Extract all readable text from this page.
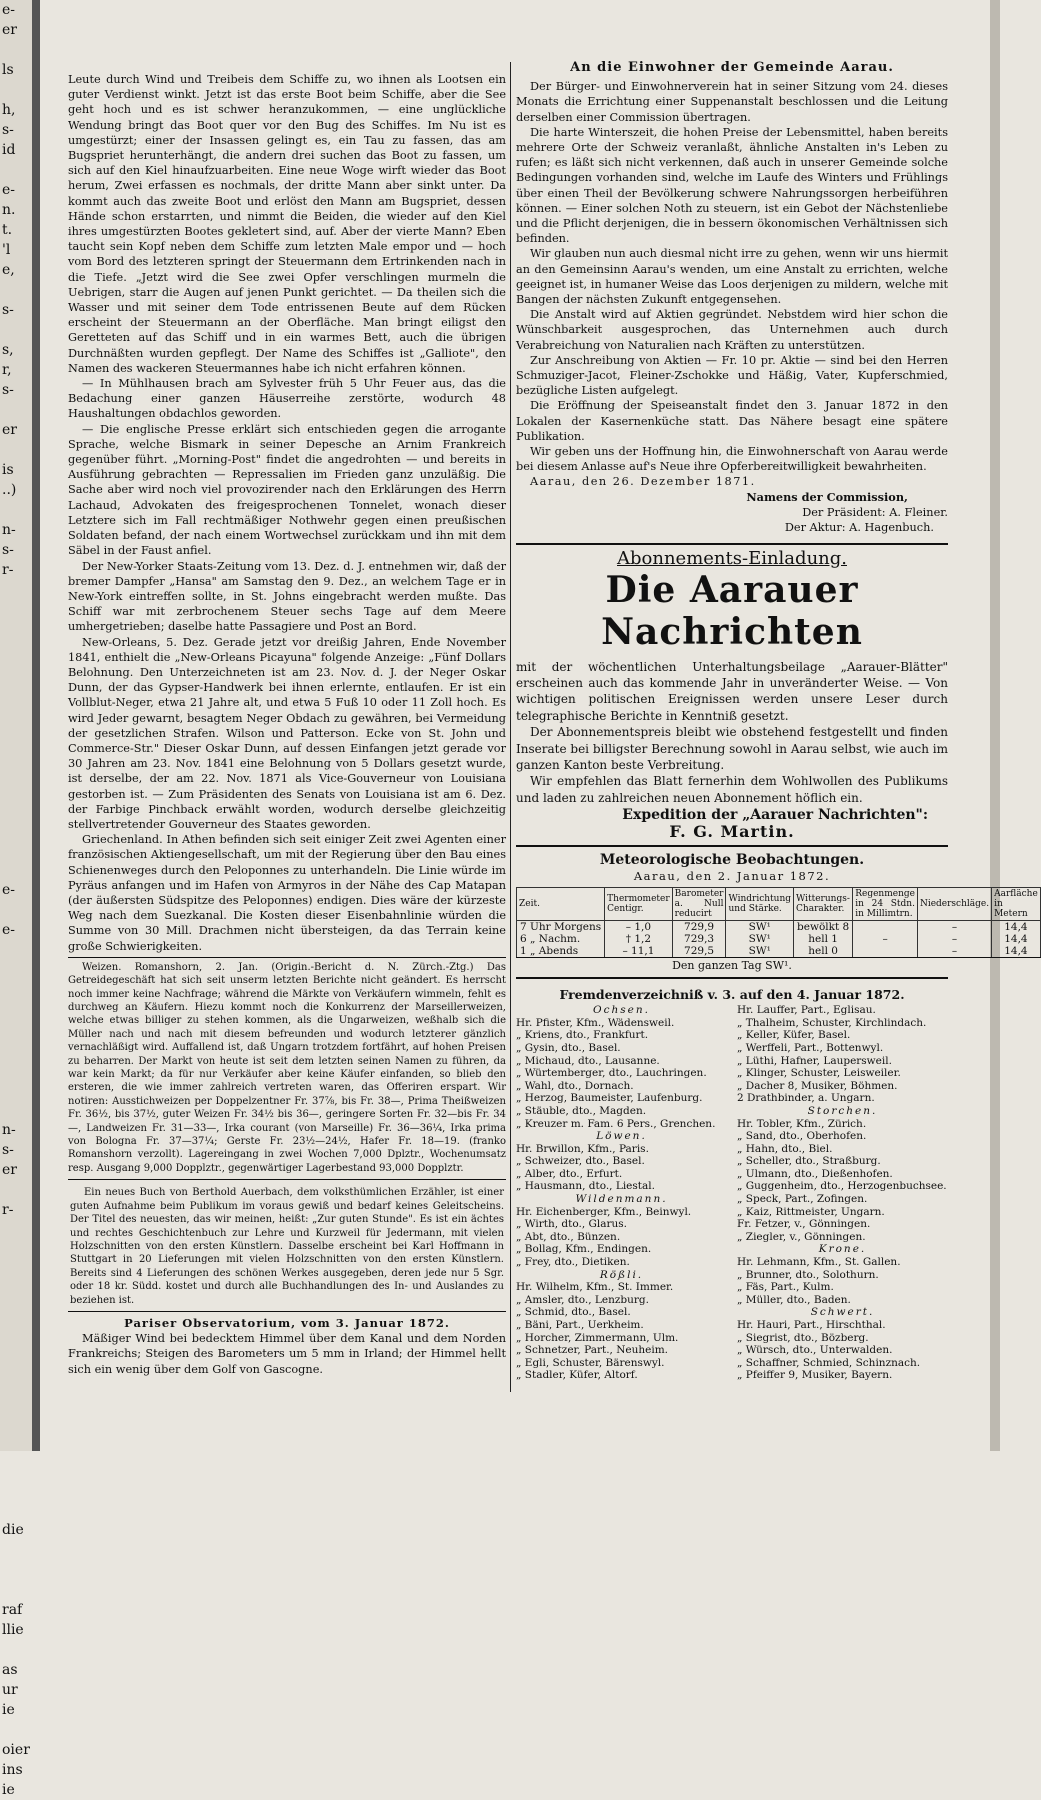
e-
er
ls
h,
s-
id
e-
n.
t.
'l
e,
s-
s,
r,
s-
er
is
..)
n-
s-
r-
e-
e-
n-
s-
er
r-
die
raf
llie
as
ur
ie
oier
ins
ie

Leute durch Wind und Treibeis dem Schiffe zu, wo ihnen als Lootsen ein guter Verdienst winkt. Jetzt ist das erste Boot beim Schiffe, aber die See geht hoch und es ist schwer heranzukommen, — eine unglückliche Wendung bringt das Boot quer vor den Bug des Schiffes. Im Nu ist es umgestürzt; einer der Insassen gelingt es, ein Tau zu fassen, das am Bugspriet herunterhängt, die andern drei suchen das Boot zu fassen, um sich auf den Kiel hinaufzuarbeiten. Eine neue Woge wirft wieder das Boot herum, Zwei erfassen es nochmals, der dritte Mann aber sinkt unter. Da kommt auch das zweite Boot und erlöst den Mann am Bugspriet, dessen Hände schon erstarrten, und nimmt die Beiden, die wieder auf den Kiel ihres umgestürzten Bootes gekletert sind, auf. Aber der vierte Mann? Eben taucht sein Kopf neben dem Schiffe zum letzten Male empor und — hoch vom Bord des letzteren springt der Steuermann dem Ertrinkenden nach in die Tiefe. „Jetzt wird die See zwei Opfer verschlingen murmeln die Uebrigen, starr die Augen auf jenen Punkt gerichtet. — Da theilen sich die Wasser und mit seiner dem Tode entrissenen Beute auf dem Rücken erscheint der Steuermann an der Oberfläche. Man bringt eiligst den Geretteten auf das Schiff und in ein warmes Bett, auch die übrigen Durchnäßten wurden gepflegt. Der Name des Schiffes ist „Galliote", den Namen des wackeren Steuermannes habe ich nicht erfahren können.

— In Mühlhausen brach am Sylvester früh 5 Uhr Feuer aus, das die Bedachung einer ganzen Häuserreihe zerstörte, wodurch 48 Haushaltungen obdachlos geworden.

— Die englische Presse erklärt sich entschieden gegen die arrogante Sprache, welche Bismark in seiner Depesche an Arnim Frankreich gegenüber führt. „Morning-Post" findet die angedrohten — und bereits in Ausführung gebrachten — Repressalien im Frieden ganz unzuläßig. Die Sache aber wird noch viel provozirender nach den Erklärungen des Herrn Lachaud, Advokaten des freigesprochenen Tonnelet, wonach dieser Letztere sich im Fall rechtmäßiger Nothwehr gegen einen preußischen Soldaten befand, der nach einem Wortwechsel zurückkam und ihn mit dem Säbel in der Faust anfiel.

Der New-Yorker Staats-Zeitung vom 13. Dez. d. J. entnehmen wir, daß der bremer Dampfer „Hansa" am Samstag den 9. Dez., an welchem Tage er in New-York eintreffen sollte, in St. Johns eingebracht werden mußte. Das Schiff war mit zerbrochenem Steuer sechs Tage auf dem Meere umhergetrieben; daselbe hatte Passagiere und Post an Bord.

New-Orleans, 5. Dez. Gerade jetzt vor dreißig Jahren, Ende November 1841, enthielt die „New-Orleans Picayuna" folgende Anzeige: „Fünf Dollars Belohnung. Den Unterzeichneten ist am 23. Nov. d. J. der Neger Oskar Dunn, der das Gypser-Handwerk bei ihnen erlernte, entlaufen. Er ist ein Vollblut-Neger, etwa 21 Jahre alt, und etwa 5 Fuß 10 oder 11 Zoll hoch. Es wird Jeder gewarnt, besagtem Neger Obdach zu gewähren, bei Vermeidung der gesetzlichen Strafen. Wilson und Patterson. Ecke von St. John und Commerce-Str." Dieser Oskar Dunn, auf dessen Einfangen jetzt gerade vor 30 Jahren am 23. Nov. 1841 eine Belohnung von 5 Dollars gesetzt wurde, ist derselbe, der am 22. Nov. 1871 als Vice-Gouverneur von Louisiana gestorben ist. — Zum Präsidenten des Senats von Louisiana ist am 6. Dez. der Farbige Pinchback erwählt worden, wodurch derselbe gleichzeitig stellvertretender Gouverneur des Staates geworden.

Griechenland. In Athen befinden sich seit einiger Zeit zwei Agenten einer französischen Aktiengesellschaft, um mit der Regierung über den Bau eines Schienenweges durch den Peloponnes zu unterhandeln. Die Linie würde im Pyräus anfangen und im Hafen von Armyros in der Nähe des Cap Matapan (der äußersten Südspitze des Peloponnes) endigen. Dies wäre der kürzeste Weg nach dem Suezkanal. Die Kosten dieser Eisenbahnlinie würden die Summe von 30 Mill. Drachmen nicht übersteigen, da das Terrain keine große Schwierigkeiten.

Weizen. Romanshorn, 2. Jan. (Origin.-Bericht d. N. Zürch.-Ztg.) Das Getreidegeschäft hat sich seit unserm letzten Berichte nicht geändert. Es herrscht noch immer keine Nachfrage; während die Märkte von Verkäufern wimmeln, fehlt es durchweg an Käufern. Hiezu kommt noch die Konkurrenz der Marseillerweizen, welche etwas billiger zu stehen kommen, als die Ungarweizen, weßhalb sich die Müller nach und nach mit diesem befreunden und wodurch letzterer gänzlich vernachläßigt wird. Auffallend ist, daß Ungarn trotzdem fortfährt, auf hohen Preisen zu beharren. Der Markt von heute ist seit dem letzten seinen Namen zu führen, da war kein Markt; da für nur Verkäufer aber keine Käufer einfanden, so blieb den ersteren, die wie immer zahlreich vertreten waren, das Offeriren erspart. Wir notiren: Ausstichweizen per Doppelzentner Fr. 37⅞, bis Fr. 38—, Prima Theißweizen Fr. 36½, bis 37½, guter Weizen Fr. 34½ bis 36—, geringere Sorten Fr. 32—bis Fr. 34—, Landweizen Fr. 31—33—, Irka courant (von Marseille) Fr. 36—36¼, Irka prima von Bologna Fr. 37—37¼; Gerste Fr. 23½—24½, Hafer Fr. 18—19. (franko Romanshorn verzollt). Lagereingang in zwei Wochen 7,000 Dplztr., Wochenumsatz resp. Ausgang 9,000 Dopplztr., gegenwärtiger Lagerbestand 93,000 Dopplztr.

Ein neues Buch von Berthold Auerbach, dem volksthümlichen Erzähler, ist einer guten Aufnahme beim Publikum im voraus gewiß und bedarf keines Geleitscheins. Der Titel des neuesten, das wir meinen, heißt: „Zur guten Stunde". Es ist ein ächtes und rechtes Geschichtenbuch zur Lehre und Kurzweil für Jedermann, mit vielen Holzschnitten von den ersten Künstlern. Dasselbe erscheint bei Karl Hoffmann in Stuttgart in 20 Lieferungen mit vielen Holzschnitten von den ersten Künstlern. Bereits sind 4 Lieferungen des schönen Werkes ausgegeben, deren jede nur 5 Sgr. oder 18 kr. Südd. kostet und durch alle Buchhandlungen des In- und Auslandes zu beziehen ist.

Pariser Observatorium, vom 3. Januar 1872.

Mäßiger Wind bei bedecktem Himmel über dem Kanal und dem Norden Frankreichs; Steigen des Barometers um 5 mm in Irland; der Himmel hellt sich ein wenig über dem Golf von Gascogne.

An die Einwohner der Gemeinde Aarau.

Der Bürger- und Einwohnerverein hat in seiner Sitzung vom 24. dieses Monats die Errichtung einer Suppenanstalt beschlossen und die Leitung derselben einer Commission übertragen.

Die harte Winterszeit, die hohen Preise der Lebensmittel, haben bereits mehrere Orte der Schweiz veranlaßt, ähnliche Anstalten in's Leben zu rufen; es läßt sich nicht verkennen, daß auch in unserer Gemeinde solche Bedingungen vorhanden sind, welche im Laufe des Winters und Frühlings über einen Theil der Bevölkerung schwere Nahrungssorgen herbeiführen können. — Einer solchen Noth zu steuern, ist ein Gebot der Nächstenliebe und die Pflicht derjenigen, die in bessern ökonomischen Verhältnissen sich befinden.

Wir glauben nun auch diesmal nicht irre zu gehen, wenn wir uns hiermit an den Gemeinsinn Aarau's wenden, um eine Anstalt zu errichten, welche geeignet ist, in humaner Weise das Loos derjenigen zu mildern, welche mit Bangen der nächsten Zukunft entgegensehen.

Die Anstalt wird auf Aktien gegründet. Nebstdem wird hier schon die Wünschbarkeit ausgesprochen, das Unternehmen auch durch Verabreichung von Naturalien nach Kräften zu unterstützen.

Zur Anschreibung von Aktien — Fr. 10 pr. Aktie — sind bei den Herren Schmuziger-Jacot, Fleiner-Zschokke und Häßig, Vater, Kupferschmied, bezügliche Listen aufgelegt.

Die Eröffnung der Speiseanstalt findet den 3. Januar 1872 in den Lokalen der Kasernenküche statt. Das Nähere besagt eine spätere Publikation.

Wir geben uns der Hoffnung hin, die Einwohnerschaft von Aarau werde bei diesem Anlasse auf's Neue ihre Opferbereitwilligkeit bewahrheiten.

Aarau, den 26. Dezember 1871.

Namens der Commission,
Der Präsident: A. Fleiner.
Der Aktur: A. Hagenbuch.
Abonnements-Einladung.
Die Aarauer Nachrichten

mit der wöchentlichen Unterhaltungsbeilage „Aarauer-Blätter" erscheinen auch das kommende Jahr in unveränderter Weise. — Von wichtigen politischen Ereignissen werden unsere Leser durch telegraphische Berichte in Kenntniß gesetzt.

Der Abonnementspreis bleibt wie obstehend festgestellt und finden Inserate bei billigster Berechnung sowohl in Aarau selbst, wie auch im ganzen Kanton beste Verbreitung.

Wir empfehlen das Blatt fernerhin dem Wohlwollen des Publikums und laden zu zahlreichen neuen Abonnement höflich ein.

Expedition der „Aarauer Nachrichten":
F. G. Martin.
Meteorologische Beobachtungen.
Aarau, den 2. Januar 1872.
Zeit.	Thermometer Centigr.	Barometer a. Null reducirt	Windrichtung und Stärke.	Witterungs-Charakter.	Regenmenge in 24 Stdn. in Millimtrn.	Niederschläge.	Aarfläche in Metern
7 Uhr Morgens	– 1,0	729,9	SW¹	bewölkt 8		–	14,4
6 „ Nachm.	† 1,2	729,3	SW¹	hell 1	–	–	14,4
1 „ Abends	– 11,1	729,5	SW¹	hell 0		–	14,4
Den ganzen Tag SW¹.
Fremdenverzeichniß v. 3. auf den 4. Januar 1872.
Ochsen.
Hr. Pfister, Kfm., Wädensweil.
„ Kriens, dto., Frankfurt.
„ Gysin, dto., Basel.
„ Michaud, dto., Lausanne.
„ Würtemberger, dto., Lauchringen.
„ Wahl, dto., Dornach.
„ Herzog, Baumeister, Laufenburg.
„ Stäuble, dto., Magden.
„ Kreuzer m. Fam. 6 Pers., Grenchen.
Löwen.
Hr. Brwillon, Kfm., Paris.
„ Schweizer, dto., Basel.
„ Alber, dto., Erfurt.
„ Hausmann, dto., Liestal.
Wildenmann.
Hr. Eichenberger, Kfm., Beinwyl.
„ Wirth, dto., Glarus.
„ Abt, dto., Bünzen.
„ Bollag, Kfm., Endingen.
„ Frey, dto., Dietiken.
Rößli.
Hr. Wilhelm, Kfm., St. Immer.
„ Amsler, dto., Lenzburg.
„ Schmid, dto., Basel.
„ Bäni, Part., Uerkheim.
„ Horcher, Zimmermann, Ulm.
„ Schnetzer, Part., Neuheim.
„ Egli, Schuster, Bärenswyl.
„ Stadler, Küfer, Altorf.
Hr. Lauffer, Part., Eglisau.
„ Thalheim, Schuster, Kirchlindach.
„ Keller, Küfer, Basel.
„ Werffeli, Part., Bottenwyl.
„ Lüthi, Hafner, Laupersweil.
„ Klinger, Schuster, Leisweiler.
„ Dacher 8, Musiker, Böhmen.
2 Drathbinder, a. Ungarn.
Storchen.
Hr. Tobler, Kfm., Zürich.
„ Sand, dto., Oberhofen.
„ Hahn, dto., Biel.
„ Scheller, dto., Straßburg.
„ Ulmann, dto., Dießenhofen.
„ Guggenheim, dto., Herzogenbuchsee.
„ Speck, Part., Zofingen.
„ Kaiz, Rittmeister, Ungarn.
Fr. Fetzer, v., Gönningen.
„ Ziegler, v., Gönningen.
Krone.
Hr. Lehmann, Kfm., St. Gallen.
„ Brunner, dto., Solothurn.
„ Fäs, Part., Kulm.
„ Müller, dto., Baden.
Schwert.
Hr. Hauri, Part., Hirschthal.
„ Siegrist, dto., Bözberg.
„ Würsch, dto., Unterwalden.
„ Schaffner, Schmied, Schinznach.
„ Pfeiffer 9, Musiker, Bayern.
